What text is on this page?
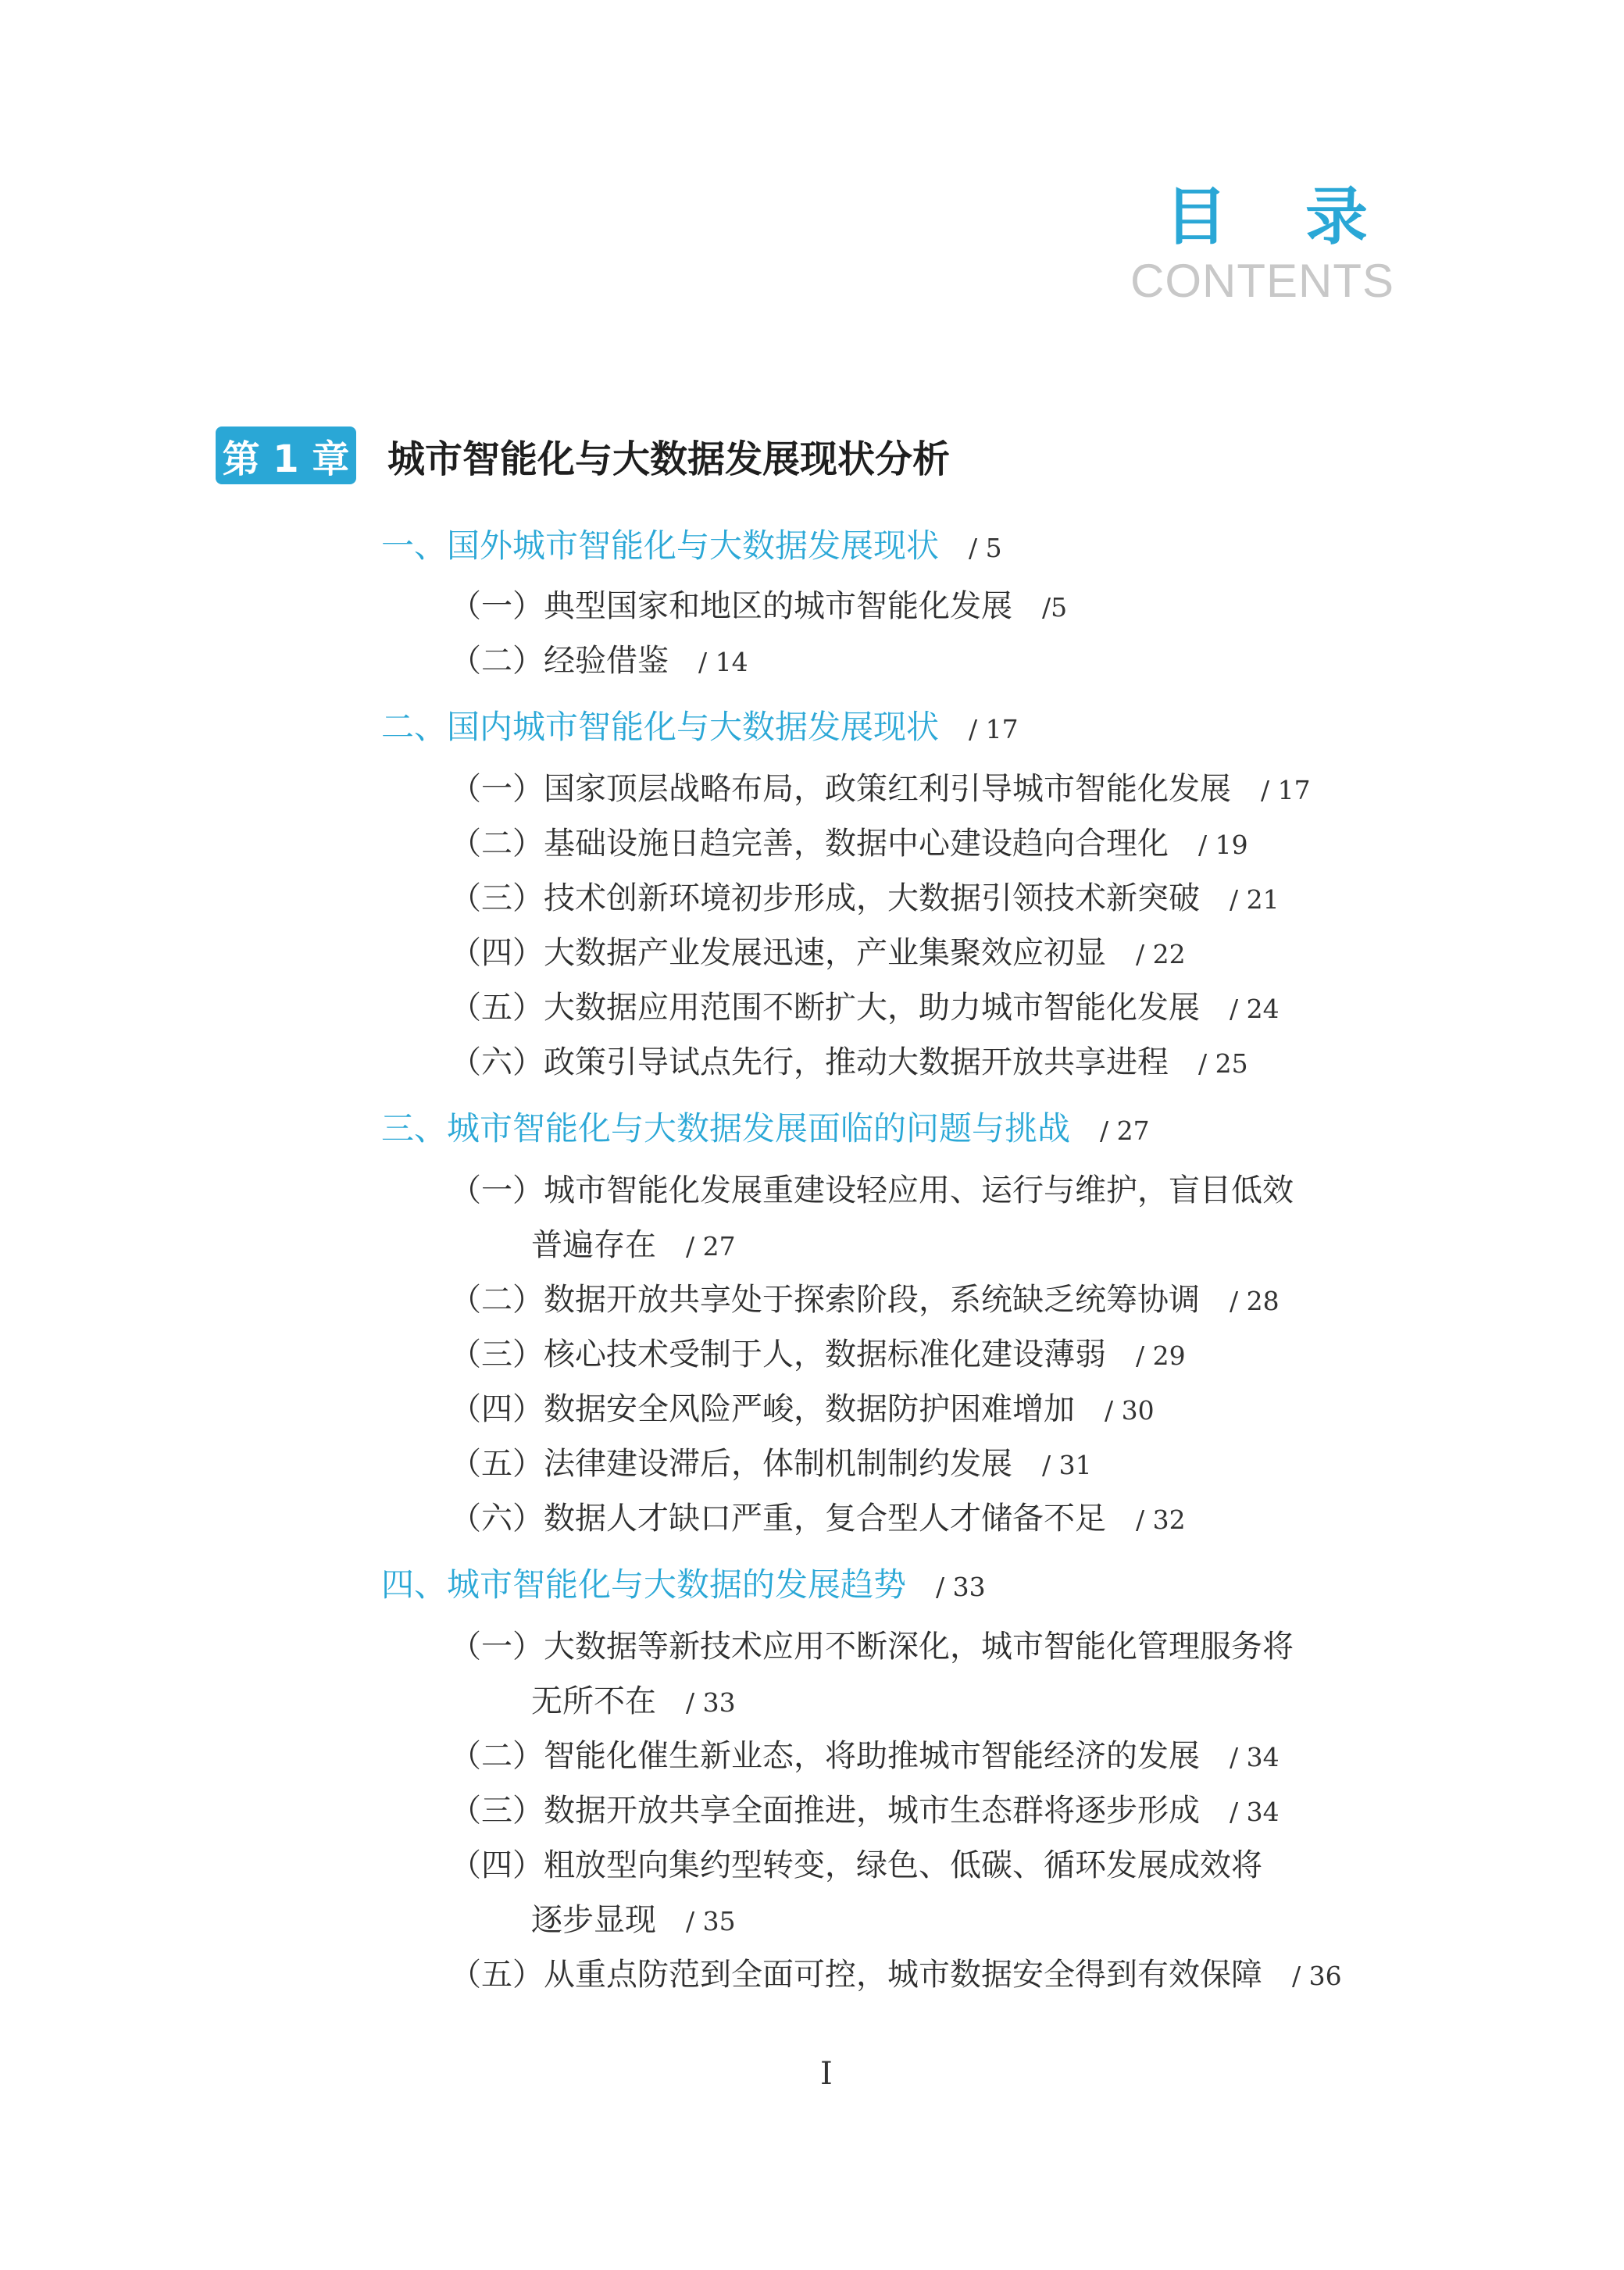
目 录
CONTENTS
第 1 章 城市智能化与大数据发展现状分析
一、国外城市智能化与大数据发展现状 / 5
（一）典型国家和地区的城市智能化发展 /5
（二）经验借鉴 / 14
二、国内城市智能化与大数据发展现状 / 17
（一）国家顶层战略布局，政策红利引导城市智能化发展 / 17
（二）基础设施日趋完善，数据中心建设趋向合理化 / 19
（三）技术创新环境初步形成，大数据引领技术新突破 / 21
（四）大数据产业发展迅速，产业集聚效应初显 / 22
（五）大数据应用范围不断扩大，助力城市智能化发展 / 24
（六）政策引导试点先行，推动大数据开放共享进程 / 25
三、城市智能化与大数据发展面临的问题与挑战 / 27
（一）城市智能化发展重建设轻应用、运行与维护，盲目低效
普遍存在 / 27
（二）数据开放共享处于探索阶段，系统缺乏统筹协调 / 28
（三）核心技术受制于人，数据标准化建设薄弱 / 29
（四）数据安全风险严峻，数据防护困难增加 / 30
（五）法律建设滞后，体制机制制约发展 / 31
（六）数据人才缺口严重，复合型人才储备不足 / 32
四、城市智能化与大数据的发展趋势 / 33
（一）大数据等新技术应用不断深化，城市智能化管理服务将
无所不在 / 33
（二）智能化催生新业态，将助推城市智能经济的发展 / 34
（三）数据开放共享全面推进，城市生态群将逐步形成 / 34
（四）粗放型向集约型转变，绿色、低碳、循环发展成效将
逐步显现 / 35
（五）从重点防范到全面可控，城市数据安全得到有效保障 / 36
I
